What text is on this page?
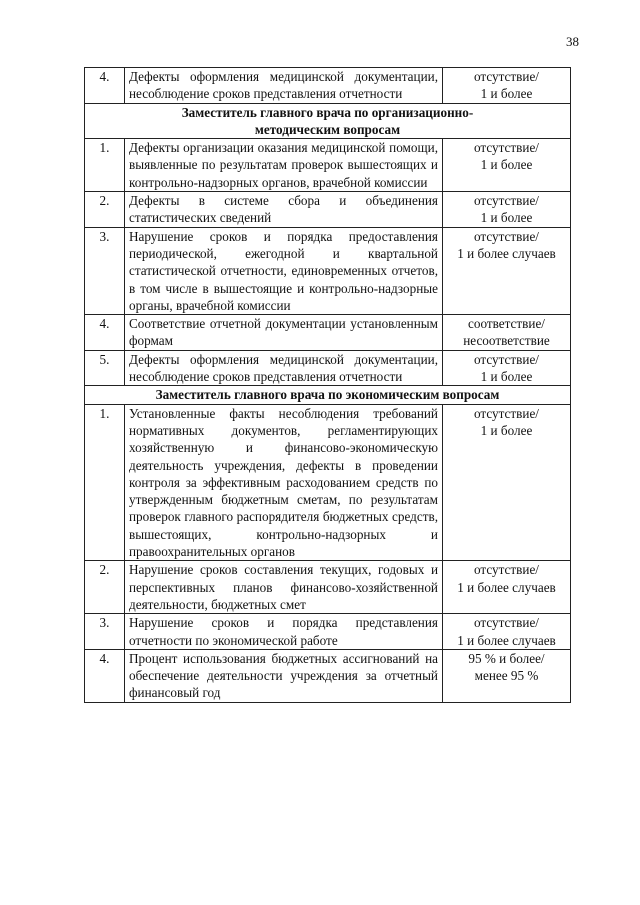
38
4.	Дефекты оформления медицинской документации, несоблюдение сроков представления отчетности	отсутствие/
1 и более

Заместитель главного врача по организационно-
методическим вопросам		

1.	Дефекты организации оказания медицинской помощи, выявленные по результатам проверок вышестоящих и контрольно-надзорных органов, врачебной комиссии	отсутствие/
1 и более

2.	Дефекты в системе сбора и объединения статистических сведений	отсутствие/
1 и более

3.	Нарушение сроков и порядка предоставления периодической, ежегодной и квартальной статистической отчетности, единовременных отчетов, в том числе в вышестоящие и контрольно-надзорные органы, врачебной комиссии	отсутствие/
1 и более случаев

4.	Соответствие отчетной документации установленным формам	соответствие/
несоответствие

5.	Дефекты оформления медицинской документации, несоблюдение сроков представления отчетности	отсутствие/
1 и более

Заместитель главного врача по экономическим вопросам		

1.	Установленные факты несоблюдения требований нормативных документов, регламентирующих хозяйственную и финансово-экономическую деятельность учреждения, дефекты в проведении контроля за эффективным расходованием средств по утвержденным бюджетным сметам, по результатам проверок главного распорядителя бюджетных средств, вышестоящих, контрольно-надзорных и правоохранительных органов	отсутствие/
1 и более

2.	Нарушение сроков составления текущих, годовых и перспективных планов финансово-хозяйственной деятельности, бюджетных смет	отсутствие/
1 и более случаев

3.	Нарушение сроков и порядка представления отчетности по экономической работе	отсутствие/
1 и более случаев

4.	Процент использования бюджетных ассигнований на обеспечение деятельности учреждения за отчетный финансовый год	95 % и более/
менее 95 %
